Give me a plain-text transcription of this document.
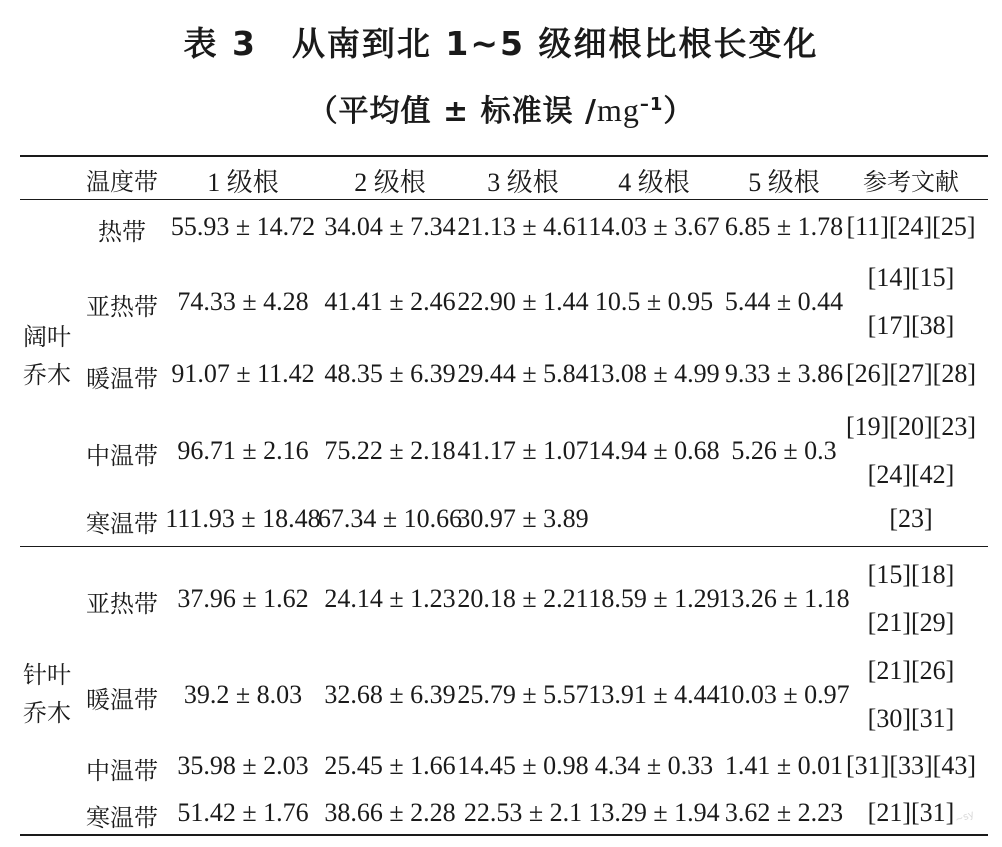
表 3　从南到北 1~5 级细根比根长变化
（平均值 ± 标准误 $/mg^{-1}$）
温度带 1 级根	2 级根 3 级根 4 级根 5 级根 参考文献
热带 55.93 ± 14.72 34.04 ± 7.34 21.13 ± 4.61 14.03 ± 3.67 6.85 ± 1.78 [11][24][25]
亚热带 74.33 ± 4.28 41.41 ± 2.46 22.90 ± 1.44 10.5 ± 0.95 5.44 ± 0.44
[14][15]
[17][38]
暖温带 91.07 ± 11.42 48.35 ± 6.39 29.44 ± 5.84 13.08 ± 4.99 9.33 ± 3.86 [26][27][28]
中温带 96.71 ± 2.16 75.22 ± 2.18 41.17 ± 1.07 14.94 ± 0.68 5.26 ± 0.3
[19][20][23]
[24][42]
寒温带 111.93 ± 18.48
67.34 ± 10.66
30.97 ± 3.89	[23]
亚热带 37.96 ± 1.62 24.14 ± 1.23 20.18 ± 2.21 18.59 ± 1.29
13.26 ± 1.18
[15][18]
[21][29]
暖温带 39.2 ± 8.03 32.68 ± 6.39 25.79 ± 5.57 13.91 ± 4.44
10.03 ± 0.97
[21][26]
[30][31]
中温带 35.98 ± 2.03 25.45 ± 1.66 14.45 ± 0.98 4.34 ± 0.33 1.41 ± 0.01 [31][33][43]
寒温带 51.42 ± 1.76 38.66 ± 2.28 22.53 ± 2.1 13.29 ± 1.94 3.62 ± 2.23 [21][31]
阔叶
乔木
针叶
乔木
~sy
